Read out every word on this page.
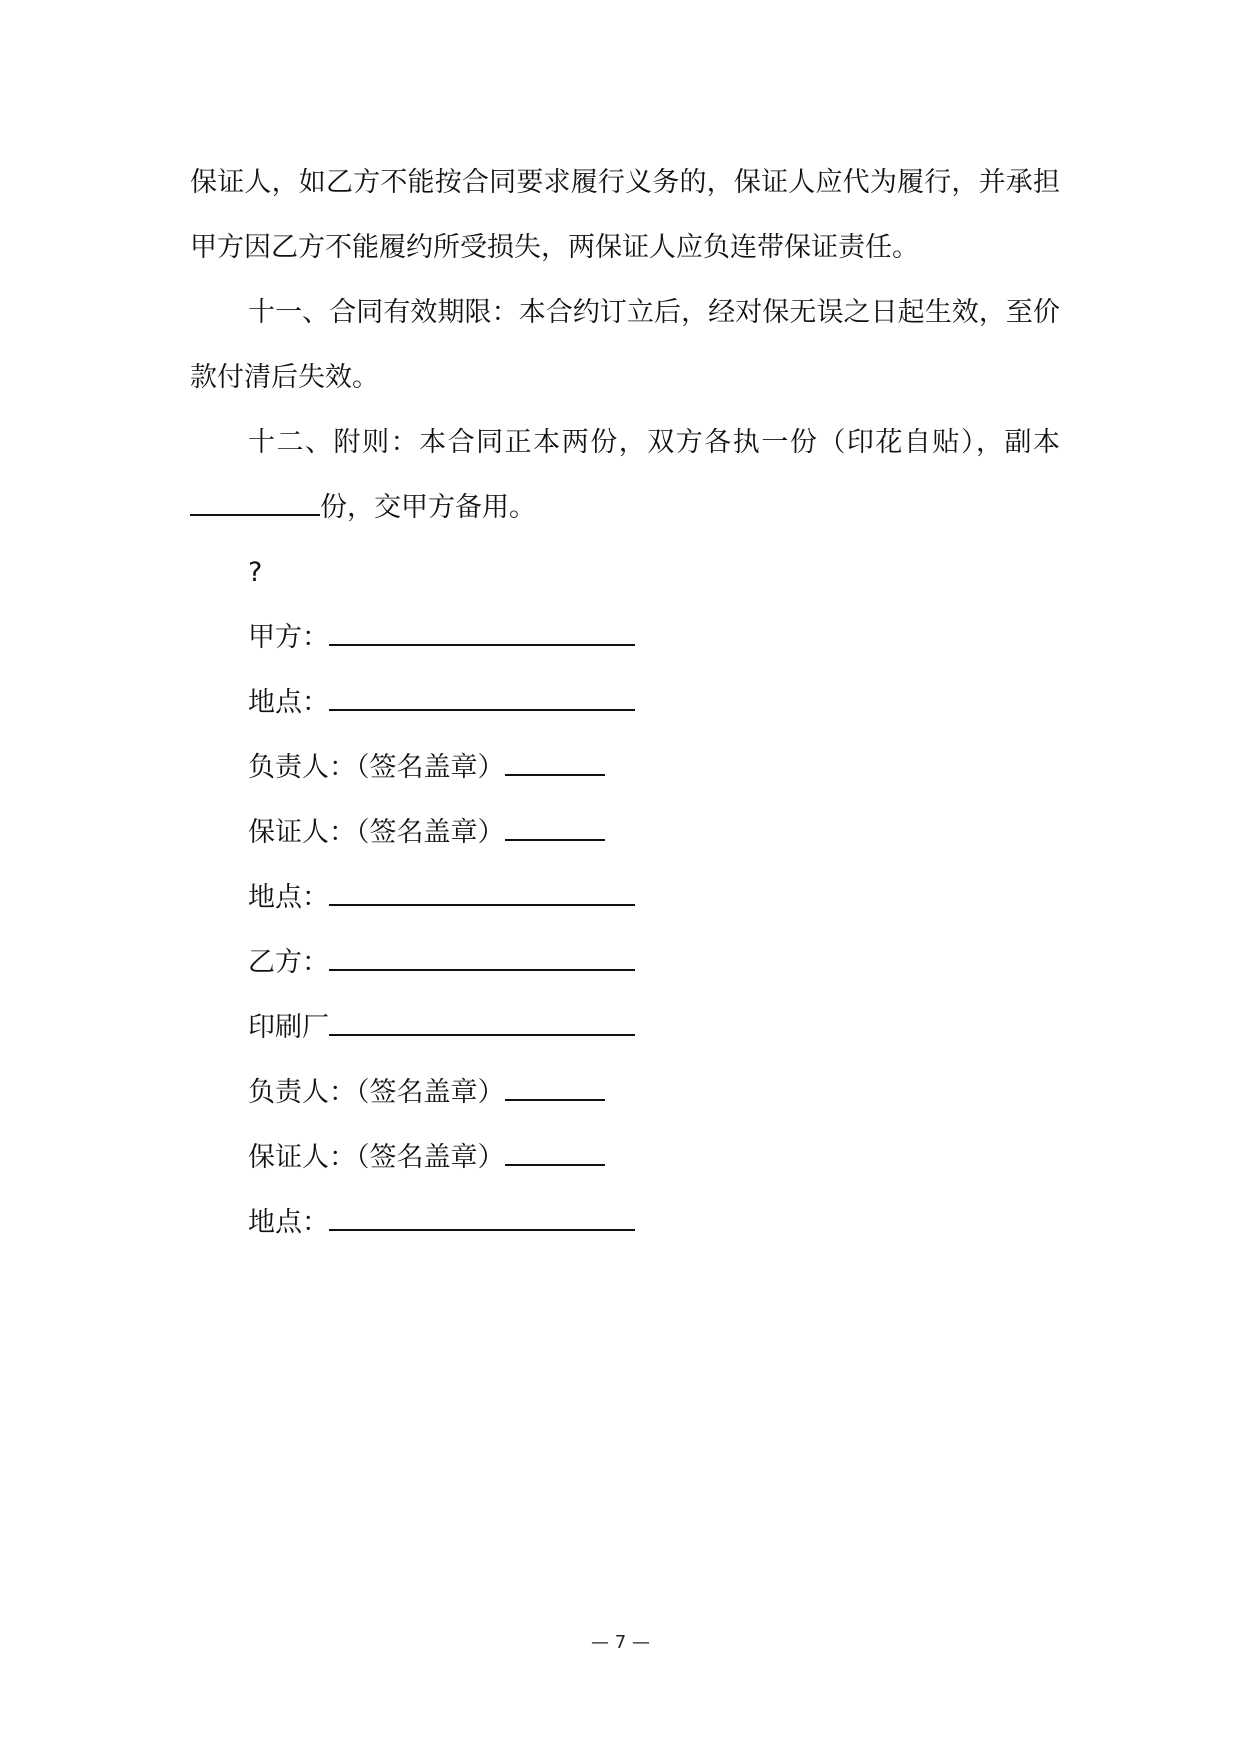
保证人，如乙方不能按合同要求履行义务的，保证人应代为履行，并承担甲方因乙方不能履约所受损失，两保证人应负连带保证责任。

十一、合同有效期限：本合约订立后，经对保无误之日起生效，至价款付清后失效。

十二、附则：本合同正本两份，双方各执一份（印花自贴），副本份，交甲方备用。

?
甲方：
地点：
负责人：（签名盖章）
保证人：（签名盖章）
地点：
乙方：
印刷厂
负责人：（签名盖章）
保证人：（签名盖章）
地点：
— 7 —
